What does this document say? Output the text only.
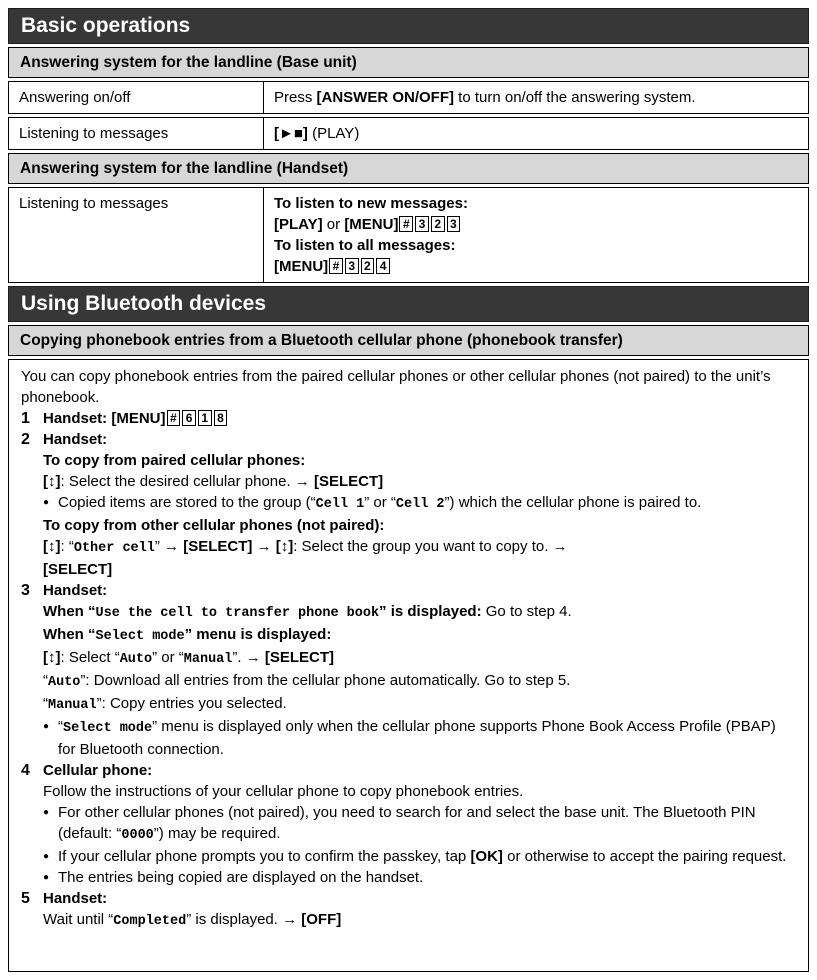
Basic operations
Answering system for the landline (Base unit)
Answering on/off	Press [ANSWER ON/OFF] to turn on/off the answering system.
Listening to messages	[►■] (PLAY)
Answering system for the landline (Handset)
Listening to messages	To listen to new messages:
[PLAY] or [MENU] # 3 2 3
To listen to all messages:
[MENU] # 3 2 4
Using Bluetooth devices
Copying phonebook entries from a Bluetooth cellular phone (phonebook transfer)
You can copy phonebook entries from the paired cellular phones or other cellular phones (not paired) to the unit’s phonebook.
1 Handset: [MENU] # 6 1 8
2 Handset:
To copy from paired cellular phones:
[↕]: Select the desired cellular phone. → [SELECT]
● Copied items are stored to the group (“Cell 1” or “Cell 2”) which the cellular phone is paired to.
To copy from other cellular phones (not paired):
[↕]: “Other cell” → [SELECT] → [↕]: Select the group you want to copy to. →
[SELECT]
3 Handset:
When “Use the cell to transfer phone book” is displayed: Go to step 4.
When “Select mode” menu is displayed:
[↕]: Select “Auto” or “Manual”. → [SELECT]
“Auto”: Download all entries from the cellular phone automatically. Go to step 5.
“Manual”: Copy entries you selected.
● “Select mode” menu is displayed only when the cellular phone supports Phone Book Access Profile (PBAP) for Bluetooth connection.
4 Cellular phone:
Follow the instructions of your cellular phone to copy phonebook entries.
● For other cellular phones (not paired), you need to search for and select the base unit. The Bluetooth PIN (default: “0000”) may be required.
● If your cellular phone prompts you to confirm the passkey, tap [OK] or otherwise to accept the pairing request.
● The entries being copied are displayed on the handset.
5 Handset:
Wait until “Completed” is displayed. → [OFF]
